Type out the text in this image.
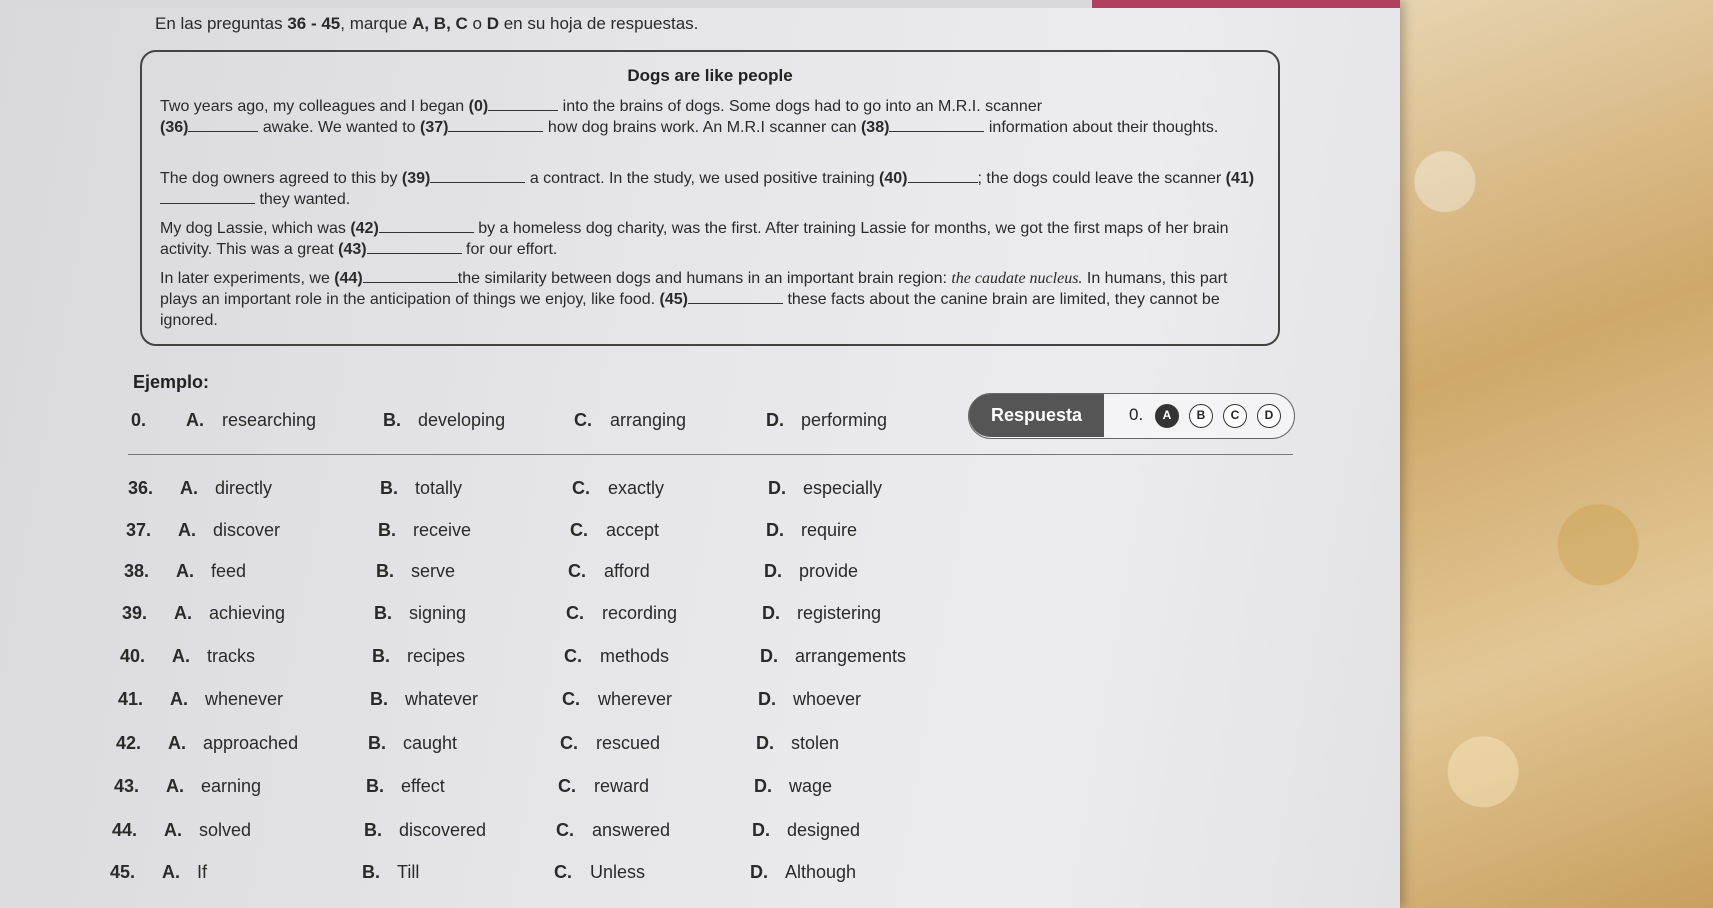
En las preguntas 36 - 45, marque A, B, C o D en su hoja de respuestas.
Dogs are like people
Two years ago, my colleagues and I began (0)	into the brains of dogs. Some dogs had to go into an M.R.I. scanner
(36)	awake. We wanted to (37)	how dog brains work. An M.R.I scanner can (38)	information about their thoughts.
The dog owners agreed to this by (39)	a contract. In the study, we used positive training (40)	; the dogs could leave the scanner (41) they wanted.
My dog Lassie, which was (42)	by a homeless dog charity, was the first. After training Lassie for months, we got the first maps of her brain activity. This was a great (43)	for our effort.
In later experiments, we (44)	the similarity between dogs and humans in an important brain region: the caudate nucleus. In humans, this part plays an important role in the anticipation of things we enjoy, like food. (45)	these facts about the canine brain are limited, they cannot be ignored.
Ejemplo:
0. A. researching	B. developing	C. arranging	D. performing	Respuesta	0.	A	B	C	D
36. A. directly	B. totally	C. exactly	D. especially
37. A. discover	B. receive	C. accept	D. require
38. A. feed	B. serve	C. afford	D. provide
39. A. achieving	B. signing	C. recording	D. registering
40. A. tracks	B. recipes	C. methods	D. arrangements
41. A. whenever	B. whatever	C. wherever	D. whoever
42. A. approached	B. caught	C. rescued	D. stolen
43. A. earning	B. effect	C. reward	D. wage
44. A. solved	B. discovered	C. answered	D. designed
45. A. If	B. Till	C. Unless	D. Although
